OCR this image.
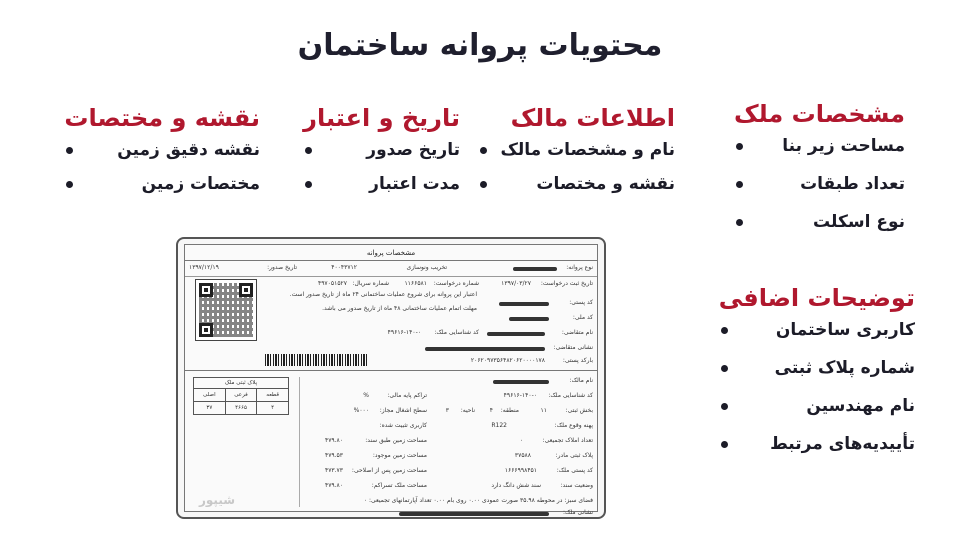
محتویات پروانه ساختمان
مشخصات ملک
مساحت زیر بنا
تعداد طبقات
نوع اسکلت
اطلاعات مالک
نام و مشخصات مالک
نقشه و مختصات
تاریخ و اعتبار
تاریخ صدور
مدت اعتبار
نقشه و مختصات
نقشه دقیق زمین
مختصات زمین
توضیحات اضافی
کاربری ساختمان
شماره پلاک ثبتی
نام مهندسین
تأییدیه‌های مرتبط
مشخصات پروانه
نوع پروانه:
تخریب ونوسازی
۴۰۰۴۳۷۱۲
تاریخ صدور:
۱۳۹۷/۱۲/۱۹
تاریخ ثبت درخواست:
۱۳۹۷/۰۳/۲۷
شماره درخواست:
۱۱۶۶۵۸۱
شماره سریال:
۴۹۷۰۵۱۵۲۷
کد پستی:
کد ملی:
نام متقاضی:
کد شناسایی ملک:
۴۹۶۱۶-۱۴۰-۰
نشانی متقاضی:
بارکد پستی:
۲۰۶۲۰۹۷۳۵۶۴۸۲۰۶۲۰۰۰۰۱۷۸
اعتبار این پروانه برای شروع عملیات ساختمانی ۲۴ ماه از تاریخ صدور است.
مهلت اتمام عملیات ساختمانی ۴۸ ماه از تاریخ صدور می باشد.
پلاک ثبتی ملک
قطعه
فرعی
اصلی
۴
۴۶۶۵
۳۷
نام مالک:
کد شناسایی ملک:
۴۹۶۱۶-۱۴۰-۰
بخش ثبتی:
۱۱
منطقه:
۴
ناحیه:
۳
پهنه وقوع ملک:
R122
تعداد املاک تجمیعی:
۰
پلاک ثبتی مادر:
۳۷۵۸۸
کد پستی ملک:
۱۶۶۶۹۹۸۴۵۱
وضعیت سند:
سند شش دانگ دارد
تراکم پایه مالی:
%
سطح اشغال مجاز:
%۰۰۰
کاربری تثبیت شده:
مساحت زمین طبق سند:
۴۷۹.۸۰
مساحت زمین موجود:
۴۷۹.۵۳
مساحت زمین پس از اصلاحی:
۴۷۳.۷۳
مساحت ملک تسراکم:
۴۷۹.۸۰
فضای سبز: در محوطه ۳۵.۹۸ صورت عمودی ۰.۰۰ روی بام ۰.۰۰ تعداد آپارتمانهای تجمیعی: ۰
نشانی ملک:
شیپور
